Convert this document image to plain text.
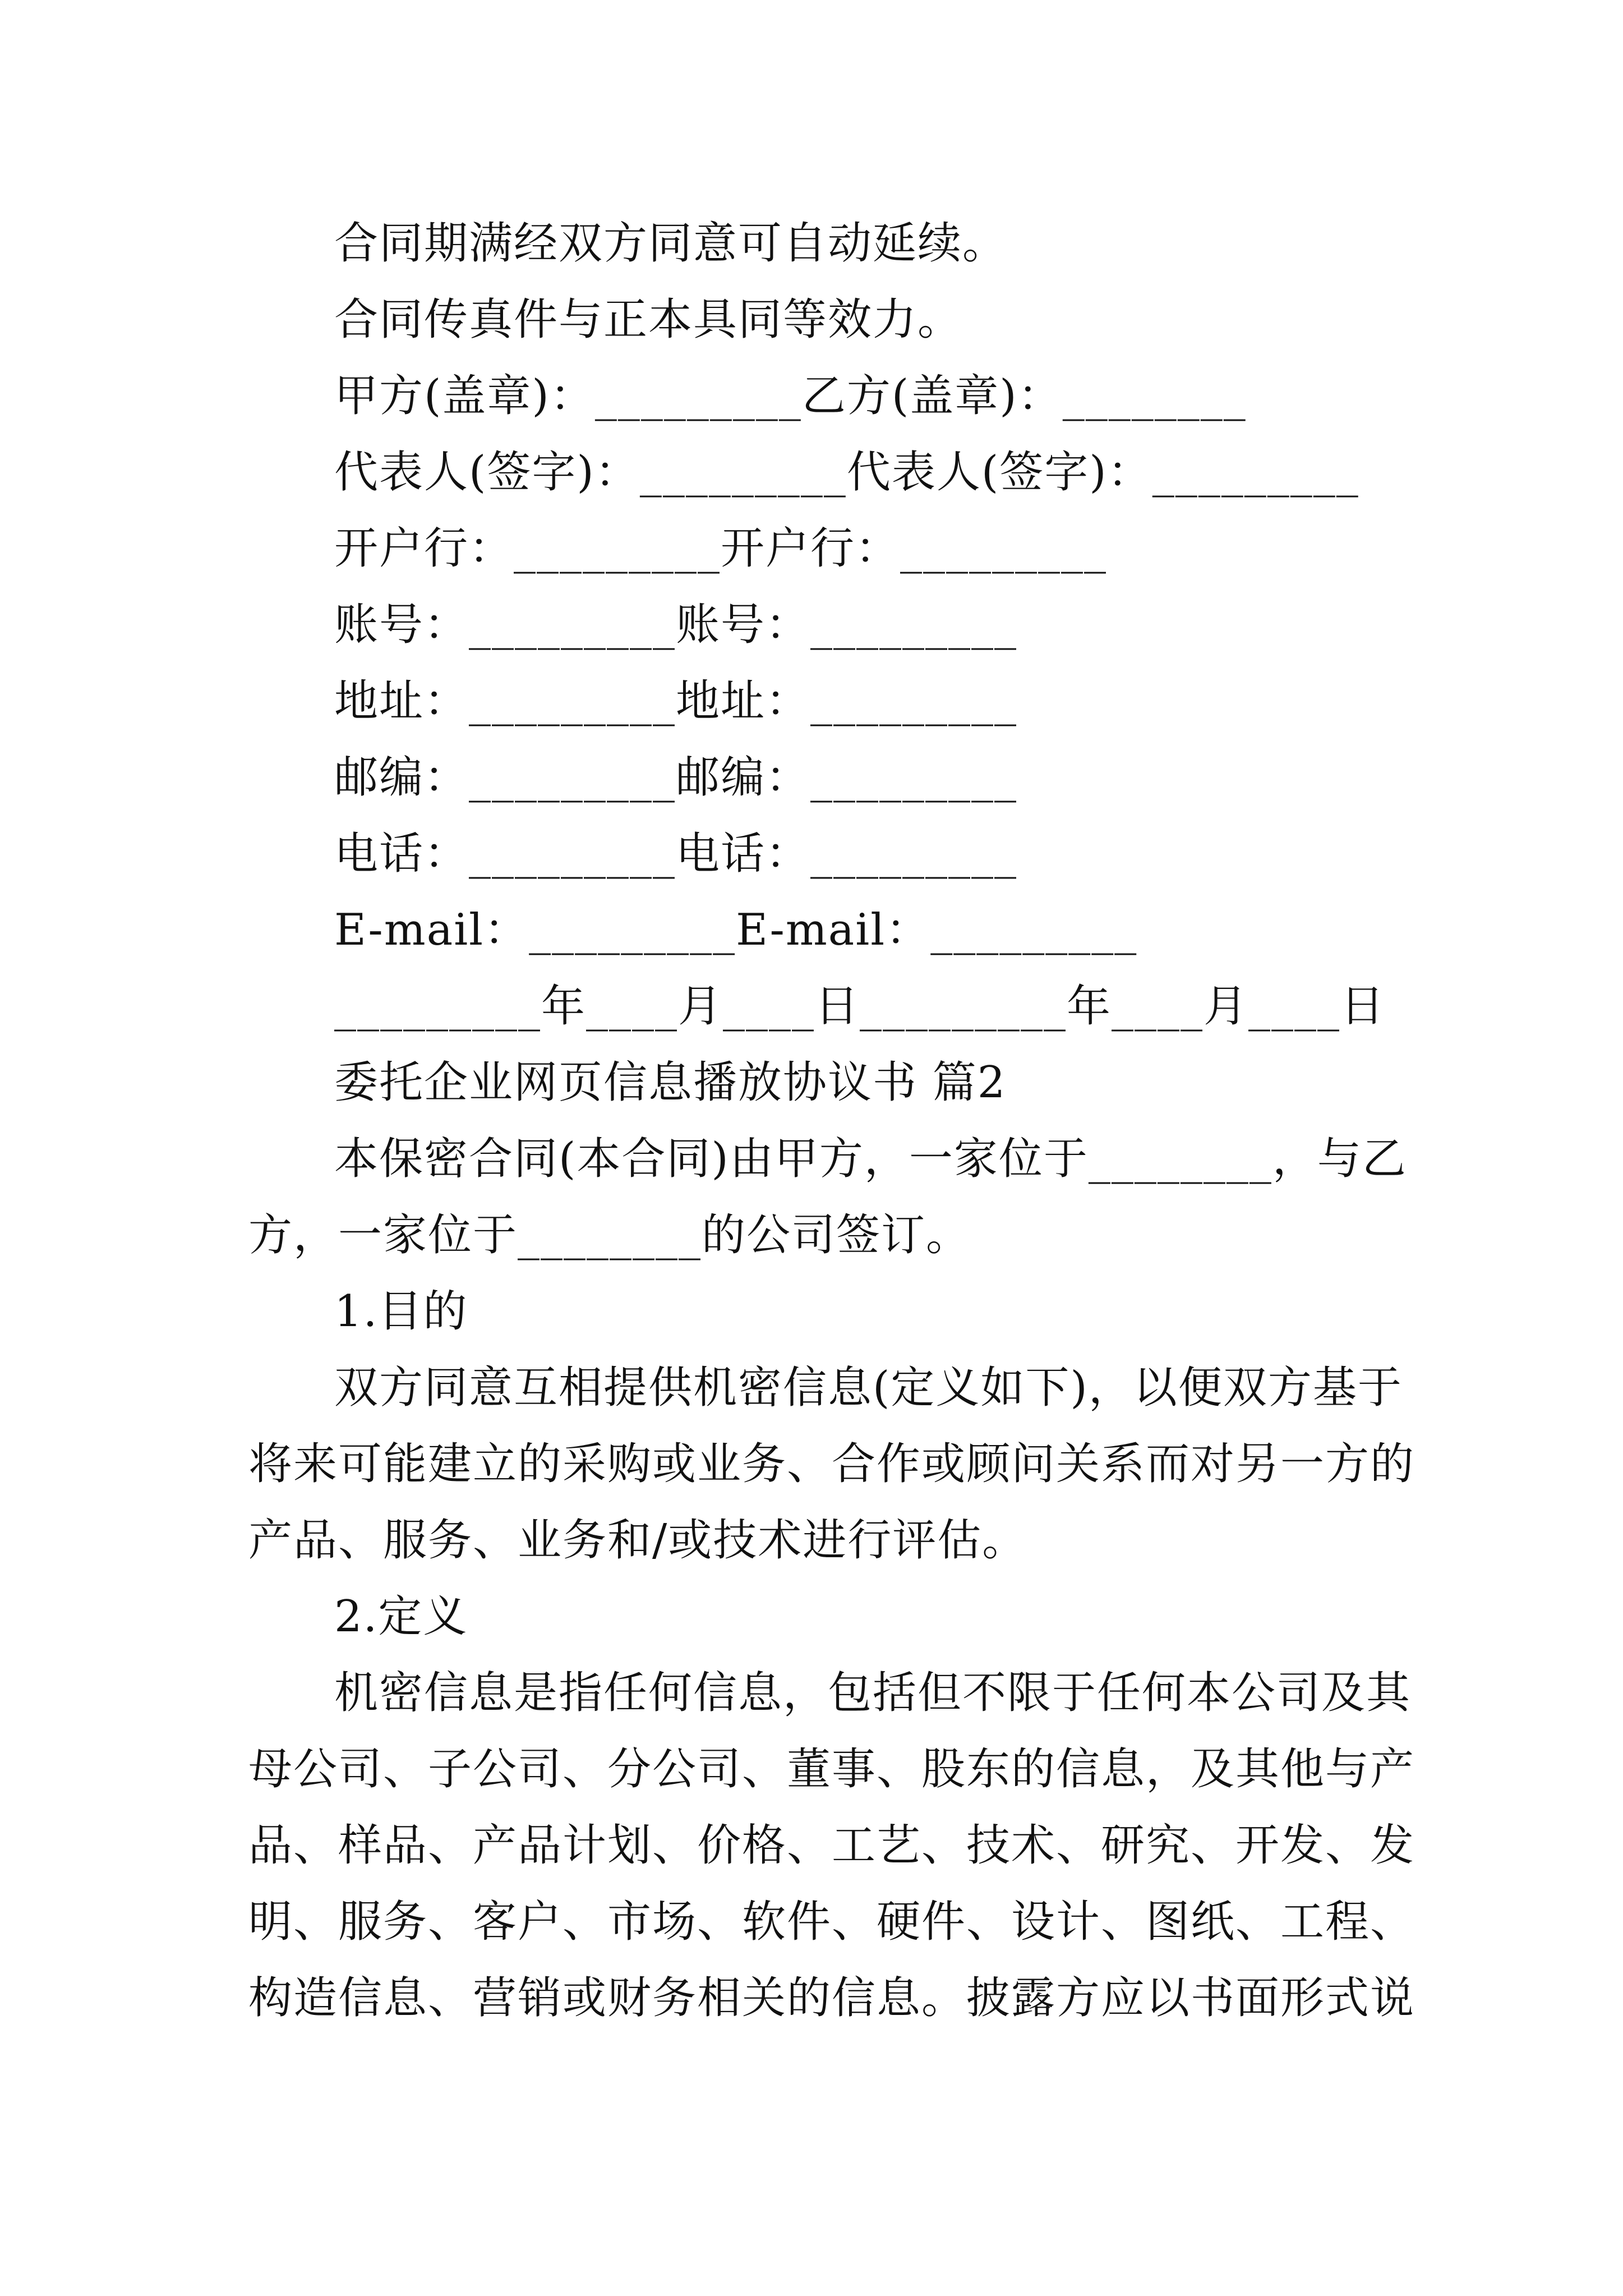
合同期满经双方同意可自动延续。
合同传真件与正本具同等效力。
甲方(盖章)：_________乙方(盖章)：________
代表人(签字)：_________代表人(签字)：_________
开户行：_________开户行：_________
账号：_________账号：_________
地址：_________地址：_________
邮编：_________邮编：_________
电话：_________电话：_________
E-mail：_________E-mail：_________
_________年____月____日_________年____月____日
委托企业网页信息播放协议书 篇2
本保密合同(本合同)由甲方，一家位于________，与乙
方，一家位于________的公司签订。
1.目的
双方同意互相提供机密信息(定义如下)，以便双方基于
将来可能建立的采购或业务、合作或顾问关系而对另一方的
产品、服务、业务和/或技术进行评估。
2.定义
机密信息是指任何信息，包括但不限于任何本公司及其
母公司、子公司、分公司、董事、股东的信息，及其他与产
品、样品、产品计划、价格、工艺、技术、研究、开发、发
明、服务、客户、市场、软件、硬件、设计、图纸、工程、
构造信息、营销或财务相关的信息。披露方应以书面形式说
